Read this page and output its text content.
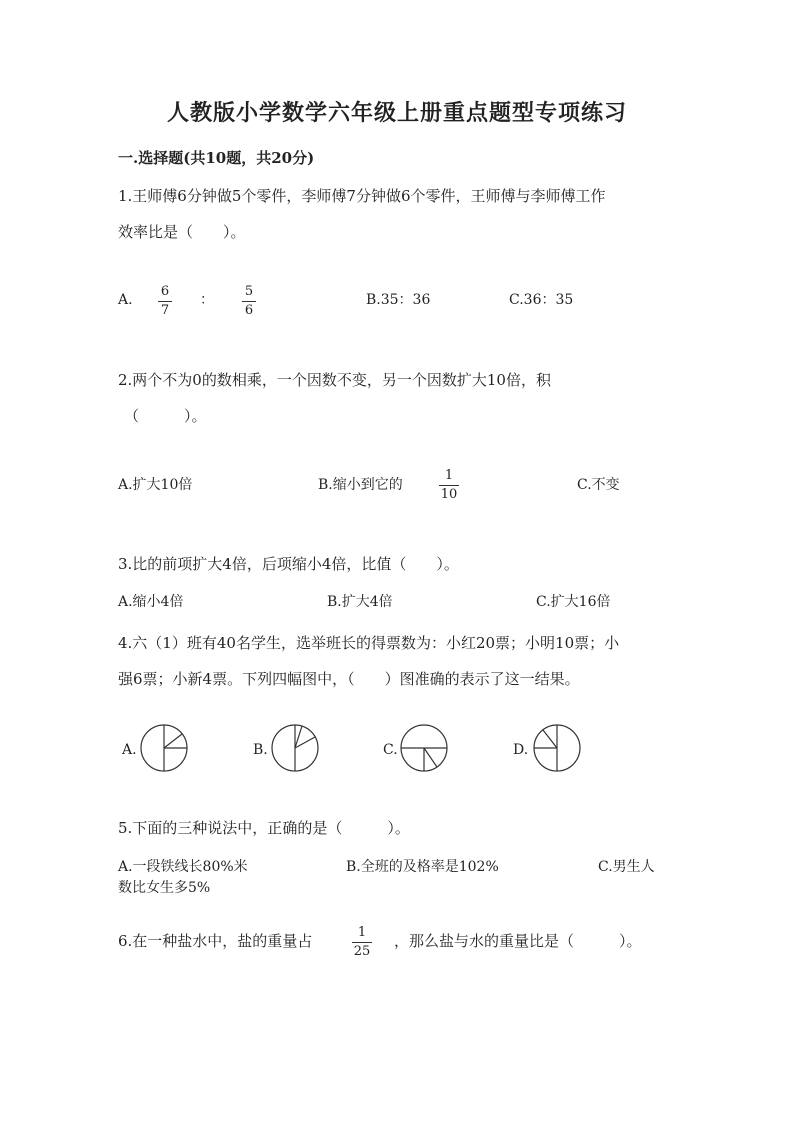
人教版小学数学六年级上册重点题型专项练习
一.选择题(共10题，共20分)
1.王师傅6分钟做5个零件，李师傅7分钟做6个零件，王师傅与李师傅工作
效率比是（　　）。
A.
6
7
：
5
6
B.35：36	C.36：35
2.两个不为0的数相乘，一个因数不变，另一个因数扩大10倍，积
（　　　）。
A.扩大10倍	B.缩小到它的
1
10
C.不变
3.比的前项扩大4倍，后项缩小4倍，比值（　　）。
A.缩小4倍	B.扩大4倍	C.扩大16倍
4.六（1）班有40名学生，选举班长的得票数为：小红20票；小明10票；小
强6票；小新4票。下列四幅图中，（　　）图准确的表示了这一结果。
A.	B.	C.	D.
5.下面的三种说法中，正确的是（　　　）。
A.一段铁线长80%米	B.全班的及格率是102%	C.男生人
数比女生多5%
6.在一种盐水中，盐的重量占	1
25
，那么盐与水的重量比是（　　　）。
